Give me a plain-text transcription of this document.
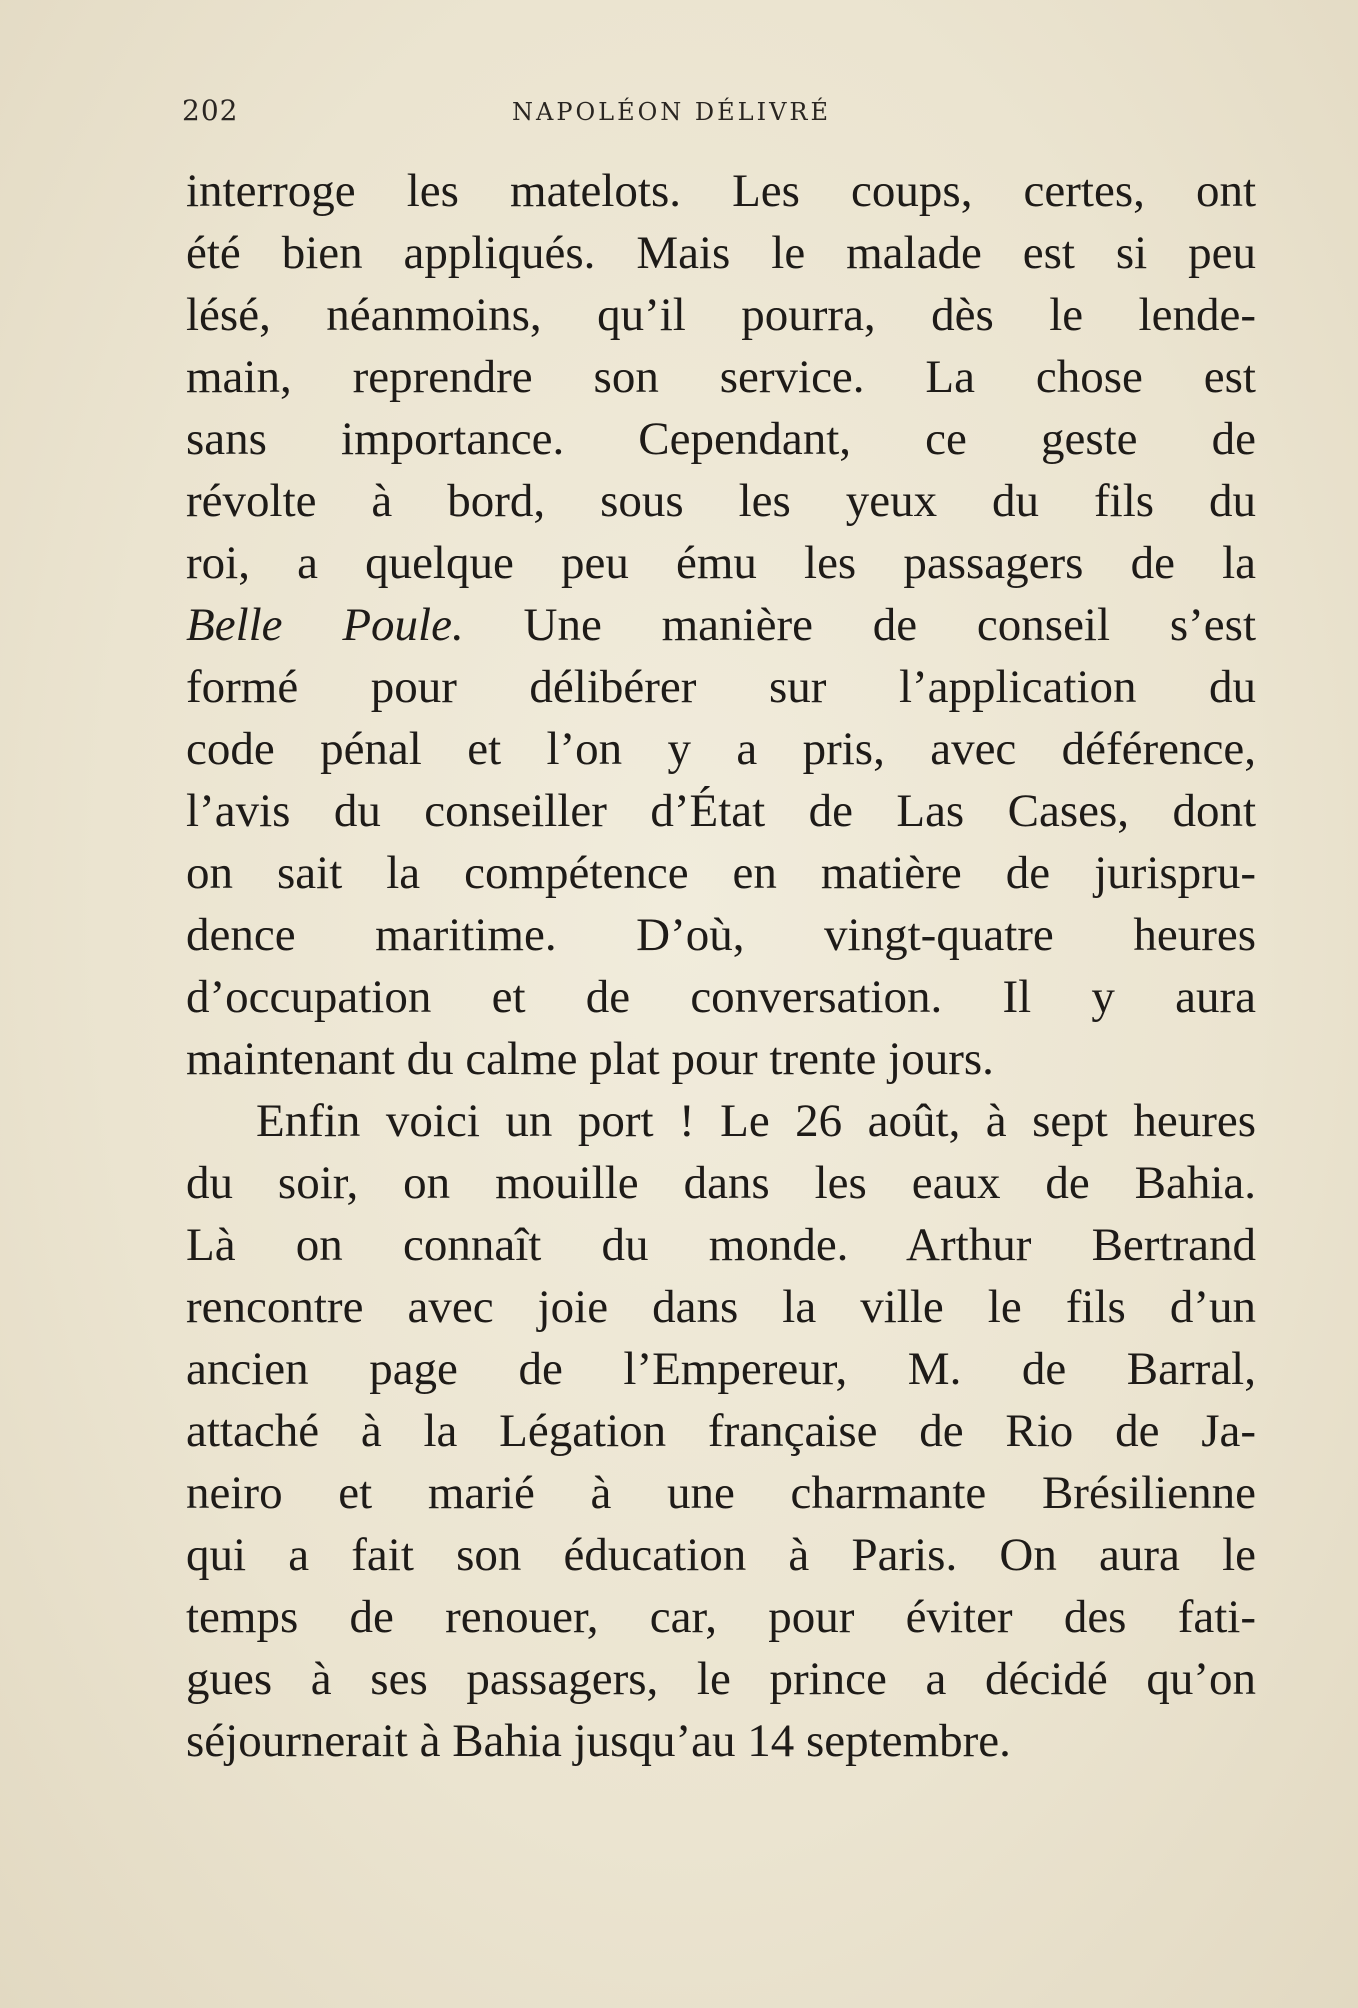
202	NAPOLÉON DÉLIVRÉ
interroge les matelots. Les coups, certes, ont
été bien appliqués. Mais le malade est si peu
lésé, néanmoins, qu’il pourra, dès le lende-
main, reprendre son service. La chose est
sans importance. Cependant, ce geste de
révolte à bord, sous les yeux du fils du
roi, a quelque peu ému les passagers de la
Belle Poule. Une manière de conseil s’est
formé pour délibérer sur l’application du
code pénal et l’on y a pris, avec déférence,
l’avis du conseiller d’État de Las Cases, dont
on sait la compétence en matière de jurispru-
dence maritime. D’où, vingt-quatre heures
d’occupation et de conversation. Il y aura
maintenant du calme plat pour trente jours.
Enfin voici un port ! Le 26 août, à sept heures
du soir, on mouille dans les eaux de Bahia.
Là on connaît du monde. Arthur Bertrand
rencontre avec joie dans la ville le fils d’un
ancien page de l’Empereur, M. de Barral,
attaché à la Légation française de Rio de Ja-
neiro et marié à une charmante Brésilienne
qui a fait son éducation à Paris. On aura le
temps de renouer, car, pour éviter des fati-
gues à ses passagers, le prince a décidé qu’on
séjournerait à Bahia jusqu’au 14 septembre.
